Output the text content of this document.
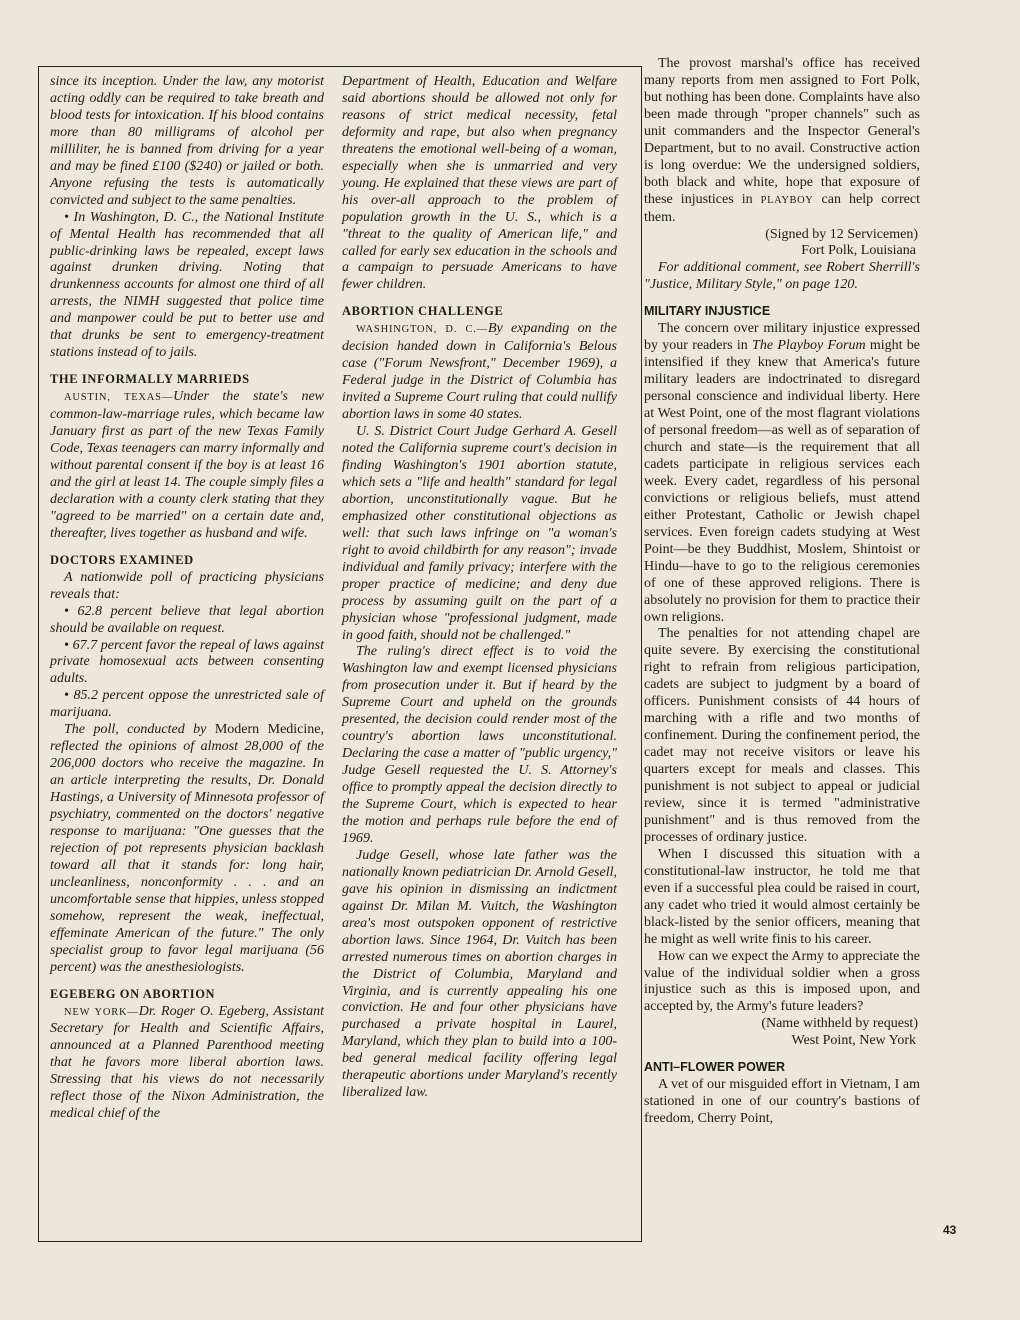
since its inception. Under the law, any motorist acting oddly can be required to take breath and blood tests for intoxication. If his blood contains more than 80 milligrams of alcohol per milliliter, he is banned from driving for a year and may be fined £100 ($240) or jailed or both. Anyone refusing the tests is automatically convicted and subject to the same penalties.

• In Washington, D. C., the National Institute of Mental Health has recommended that all public-drinking laws be repealed, except laws against drunken driving. Noting that drunkenness accounts for almost one third of all arrests, the NIMH suggested that police time and manpower could be put to better use and that drunks be sent to emergency-treatment stations instead of to jails.

THE INFORMALLY MARRIEDS

AUSTIN, TEXAS—Under the state's new common-law-marriage rules, which became law January first as part of the new Texas Family Code, Texas teenagers can marry informally and without parental consent if the boy is at least 16 and the girl at least 14. The couple simply files a declaration with a county clerk stating that they "agreed to be married" on a certain date and, thereafter, lives together as husband and wife.

DOCTORS EXAMINED

A nationwide poll of practicing physicians reveals that:

• 62.8 percent believe that legal abortion should be available on request.

• 67.7 percent favor the repeal of laws against private homosexual acts between consenting adults.

• 85.2 percent oppose the unrestricted sale of marijuana.

The poll, conducted by Modern Medicine, reflected the opinions of almost 28,000 of the 206,000 doctors who receive the magazine. In an article interpreting the results, Dr. Donald Hastings, a University of Minnesota professor of psychiatry, commented on the doctors' negative response to marijuana: "One guesses that the rejection of pot represents physician backlash toward all that it stands for: long hair, uncleanliness, nonconformity . . . and an uncomfortable sense that hippies, unless stopped somehow, represent the weak, ineffectual, effeminate American of the future." The only specialist group to favor legal marijuana (56 percent) was the anesthesiologists.

EGEBERG ON ABORTION

NEW YORK—Dr. Roger O. Egeberg, Assistant Secretary for Health and Scientific Affairs, announced at a Planned Parenthood meeting that he favors more liberal abortion laws. Stressing that his views do not necessarily reflect those of the Nixon Administration, the medical chief of the

Department of Health, Education and Welfare said abortions should be allowed not only for reasons of strict medical necessity, fetal deformity and rape, but also when pregnancy threatens the emotional well-being of a woman, especially when she is unmarried and very young. He explained that these views are part of his over-all approach to the problem of population growth in the U. S., which is a "threat to the quality of American life," and called for early sex education in the schools and a campaign to persuade Americans to have fewer children.

ABORTION CHALLENGE

WASHINGTON, D. C.—By expanding on the decision handed down in California's Belous case ("Forum Newsfront," December 1969), a Federal judge in the District of Columbia has invited a Supreme Court ruling that could nullify abortion laws in some 40 states.

U. S. District Court Judge Gerhard A. Gesell noted the California supreme court's decision in finding Washington's 1901 abortion statute, which sets a "life and health" standard for legal abortion, unconstitutionally vague. But he emphasized other constitutional objections as well: that such laws infringe on "a woman's right to avoid childbirth for any reason"; invade individual and family privacy; interfere with the proper practice of medicine; and deny due process by assuming guilt on the part of a physician whose "professional judgment, made in good faith, should not be challenged."

The ruling's direct effect is to void the Washington law and exempt licensed physicians from prosecution under it. But if heard by the Supreme Court and upheld on the grounds presented, the decision could render most of the country's abortion laws unconstitutional. Declaring the case a matter of "public urgency," Judge Gesell requested the U. S. Attorney's office to promptly appeal the decision directly to the Supreme Court, which is expected to hear the motion and perhaps rule before the end of 1969.

Judge Gesell, whose late father was the nationally known pediatrician Dr. Arnold Gesell, gave his opinion in dismissing an indictment against Dr. Milan M. Vuitch, the Washington area's most outspoken opponent of restrictive abortion laws. Since 1964, Dr. Vuitch has been arrested numerous times on abortion charges in the District of Columbia, Maryland and Virginia, and is currently appealing his one conviction. He and four other physicians have purchased a private hospital in Laurel, Maryland, which they plan to build into a 100-bed general medical facility offering legal therapeutic abortions under Maryland's recently liberalized law.

The provost marshal's office has received many reports from men assigned to Fort Polk, but nothing has been done. Complaints have also been made through "proper channels" such as unit commanders and the Inspector General's Department, but to no avail. Constructive action is long overdue: We the undersigned soldiers, both black and white, hope that exposure of these injustices in PLAYBOY can help correct them.

(Signed by 12 Servicemen)

Fort Polk, Louisiana

For additional comment, see Robert Sherrill's "Justice, Military Style," on page 120.

MILITARY INJUSTICE

The concern over military injustice expressed by your readers in The Playboy Forum might be intensified if they knew that America's future military leaders are indoctrinated to disregard personal conscience and individual liberty. Here at West Point, one of the most flagrant violations of personal freedom—as well as of separation of church and state—is the requirement that all cadets participate in religious services each week. Every cadet, regardless of his personal convictions or religious beliefs, must attend either Protestant, Catholic or Jewish chapel services. Even foreign cadets studying at West Point—be they Buddhist, Moslem, Shintoist or Hindu—have to go to the religious ceremonies of one of these approved religions. There is absolutely no provision for them to practice their own religions.

The penalties for not attending chapel are quite severe. By exercising the constitutional right to refrain from religious participation, cadets are subject to judgment by a board of officers. Punishment consists of 44 hours of marching with a rifle and two months of confinement. During the confinement period, the cadet may not receive visitors or leave his quarters except for meals and classes. This punishment is not subject to appeal or judicial review, since it is termed "administrative punishment" and is thus removed from the processes of ordinary justice.

When I discussed this situation with a constitutional-law instructor, he told me that even if a successful plea could be raised in court, any cadet who tried it would almost certainly be black-listed by the senior officers, meaning that he might as well write finis to his career.

How can we expect the Army to appreciate the value of the individual soldier when a gross injustice such as this is imposed upon, and accepted by, the Army's future leaders?

(Name withheld by request)

West Point, New York

ANTI–FLOWER POWER

A vet of our misguided effort in Vietnam, I am stationed in one of our country's bastions of freedom, Cherry Point,

43
